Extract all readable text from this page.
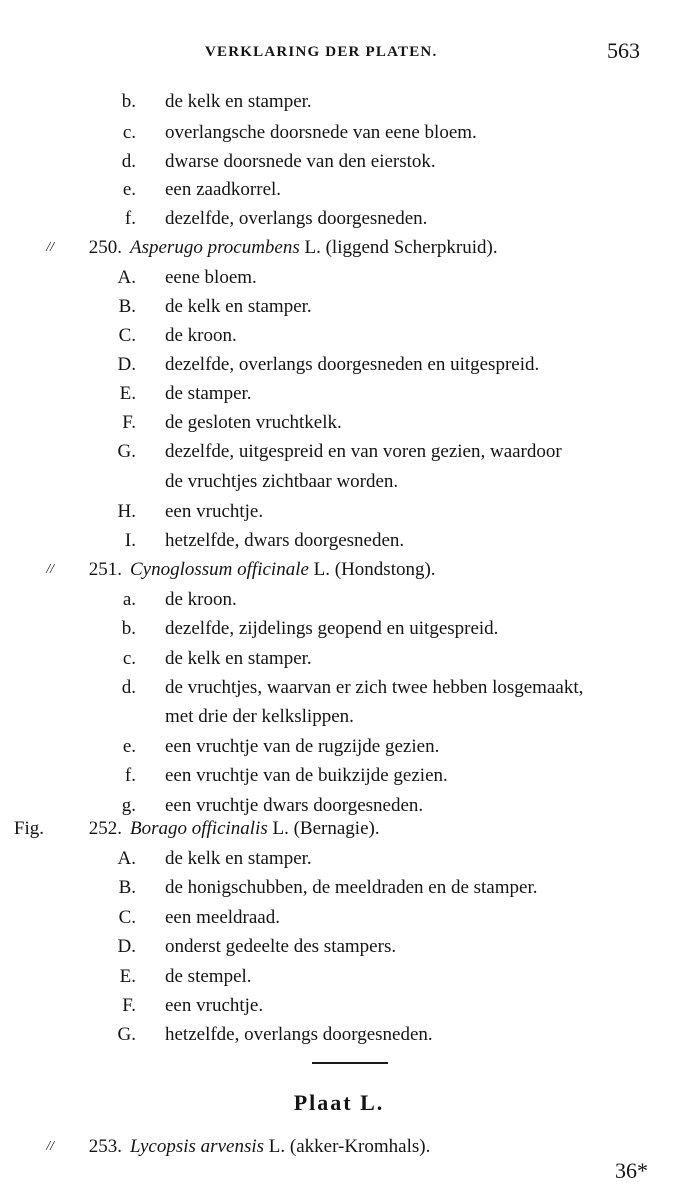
VERKLARING DER PLATEN.	563
b. de kelk en stamper.
c. overlangsche doorsnede van eene bloem.
d. dwarse doorsnede van den eierstok.
e. een zaadkorrel.
f. dezelfde, overlangs doorgesneden.
//	250. Asperugo procumbens L. (liggend Scherpkruid).
A. eene bloem.
B. de kelk en stamper.
C. de kroon.
D. dezelfde, overlangs doorgesneden en uitgespreid.
E. de stamper.
F. de gesloten vruchtkelk.
G. dezelfde, uitgespreid en van voren gezien, waardoor
de vruchtjes zichtbaar worden.
H. een vruchtje.
I. hetzelfde, dwars doorgesneden.
//	251. Cynoglossum officinale L. (Hondstong).
a. de kroon.
b. dezelfde, zijdelings geopend en uitgespreid.
c. de kelk en stamper.
d. de vruchtjes, waarvan er zich twee hebben losgemaakt,
met drie der kelkslippen.
e. een vruchtje van de rugzijde gezien.
f. een vruchtje van de buikzijde gezien.
g. een vruchtje dwars doorgesneden.
Fig.	252. Borago officinalis L. (Bernagie).
A. de kelk en stamper.
B. de honigschubben, de meeldraden en de stamper.
C. een meeldraad.
D. onderst gedeelte des stampers.
E. de stempel.
F. een vruchtje.
G. hetzelfde, overlangs doorgesneden.
Plaat L.
//	253. Lycopsis arvensis L. (akker-Kromhals).
36*
